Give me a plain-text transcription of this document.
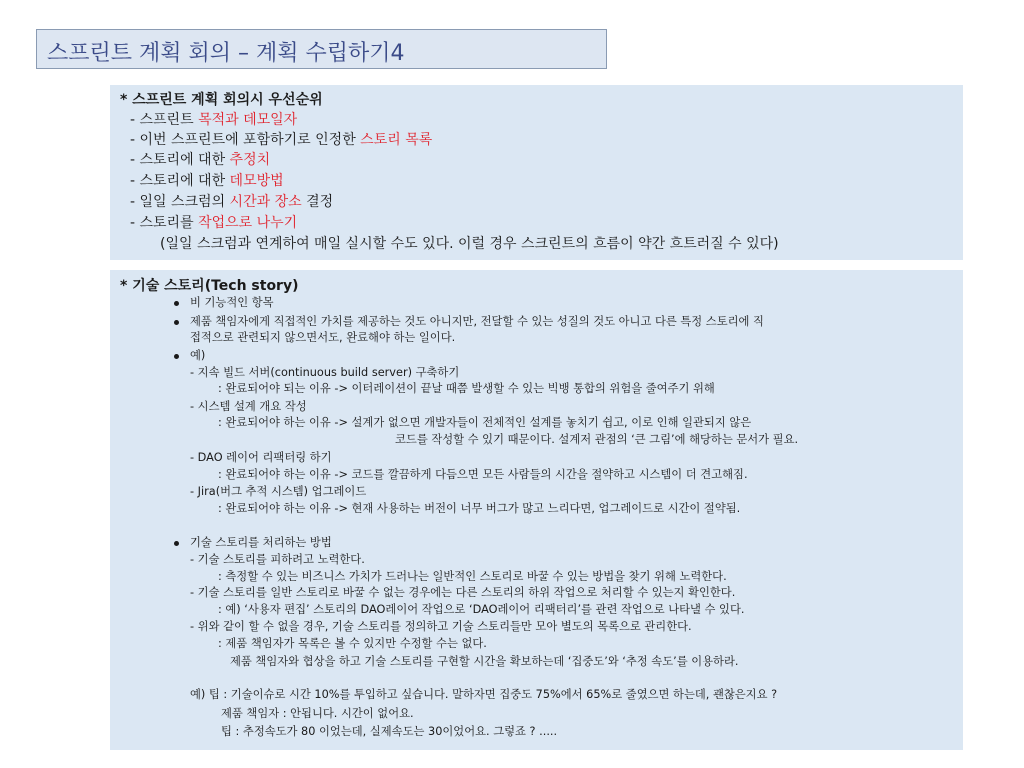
스프린트 계획 회의 – 계획 수립하기4
* 스프린트 계획 회의시 우선순위
- 스프린트 목적과 데모일자
- 이번 스프린트에 포함하기로 인정한 스토리 목록
- 스토리에 대한 추정치
- 스토리에 대한 데모방법
- 일일 스크럼의 시간과 장소 결정
- 스토리를 작업으로 나누기
(일일 스크럼과 연계하여 매일 실시할 수도 있다. 이럴 경우 스크린트의 흐름이 약간 흐트러질 수 있다)
* 기술 스토리(Tech story)
비 기능적인 항목
제품 책임자에게 직접적인 가치를 제공하는 것도 아니지만, 전달할 수 있는 성질의 것도 아니고 다른 특정 스토리에 직
접적으로 관련되지 않으면서도, 완료해야 하는 일이다.
예)
- 지속 빌드 서버(continuous build server) 구축하기
: 완료되어야 되는 이유 -> 이터레이션이 끝날 때쯤 발생할 수 있는 빅뱅 통합의 위험을 줄여주기 위해
- 시스템 설계 개요 작성
: 완료되어야 하는 이유 -> 설계가 없으면 개발자들이 전체적인 설계를 놓치기 쉽고, 이로 인해 일관되지 않은
코드를 작성할 수 있기 때문이다. 설계저 관점의 ‘큰 그림’에 해당하는 문서가 필요.
- DAO 레이어 리팩터링 하기
: 완료되어야 하는 이유 -> 코드를 깔끔하게 다듬으면 모든 사람들의 시간을 절약하고 시스템이 더 견고해짐.
- Jira(버그 추적 시스템) 업그레이드
: 완료되어야 하는 이유 -> 현재 사용하는 버전이 너무 버그가 많고 느리다면, 업그레이드로 시간이 절약됨.
기술 스토리를 처리하는 방법
- 기술 스토리를 피하려고 노력한다.
: 측정할 수 있는 비즈니스 가치가 드러나는 일반적인 스토리로 바꿀 수 있는 방법을 찾기 위해 노력한다.
- 기술 스토리를 일반 스토리로 바꿀 수 없는 경우에는 다른 스토리의 하위 작업으로 처리할 수 있는지 확인한다.
: 예) ‘사용자 편집’ 스토리의 DAO레이어 작업으로 ‘DAO레이어 리팩터리’를 관련 작업으로 나타낼 수 있다.
- 위와 같이 할 수 없을 경우, 기술 스토리를 정의하고 기술 스토리들만 모아 별도의 목록으로 관리한다.
: 제품 책임자가 목록은 볼 수 있지만 수정할 수는 없다.
제품 책임자와 협상을 하고 기술 스토리를 구현할 시간을 확보하는데 ‘집중도’와 ‘추정 속도’를 이용하라.
예) 팁 : 기술이슈로 시간 10%를 투입하고 싶습니다. 말하자면 집중도 75%에서 65%로 줄였으면 하는데, 괜찮은지요 ?
제품 책임자 : 안됩니다. 시간이 없어요.
팁 : 추정속도가 80 이었는데, 실제속도는 30이었어요. 그렇죠 ? .....
